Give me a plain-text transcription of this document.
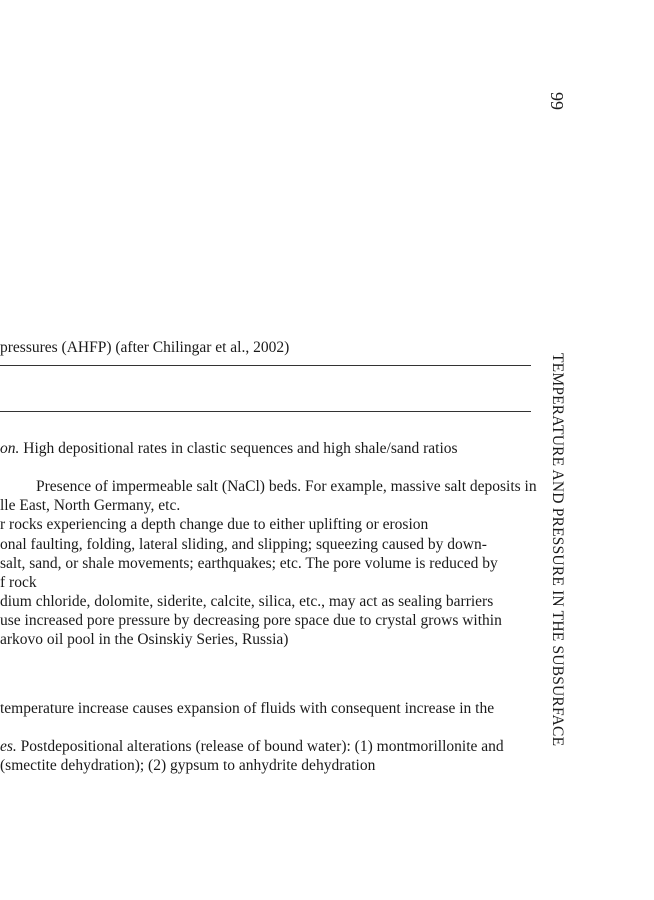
99
TEMPERATURE AND PRESSURE IN THE SUBSURFACE
pressures (AHFP) (after Chilingar et al., 2002)
on. High depositional rates in clastic sequences and high shale/sand ratios
Presence of impermeable salt (NaCl) beds. For example, massive salt deposits in
lle East, North Germany, etc.
r rocks experiencing a depth change due to either uplifting or erosion
onal faulting, folding, lateral sliding, and slipping; squeezing caused by down-
salt, sand, or shale movements; earthquakes; etc. The pore volume is reduced by
f rock
dium chloride, dolomite, siderite, calcite, silica, etc., may act as sealing barriers
use increased pore pressure by decreasing pore space due to crystal grows within
arkovo oil pool in the Osinskiy Series, Russia)
temperature increase causes expansion of fluids with consequent increase in the
es. Postdepositional alterations (release of bound water): (1) montmorillonite and
(smectite dehydration); (2) gypsum to anhydrite dehydration
